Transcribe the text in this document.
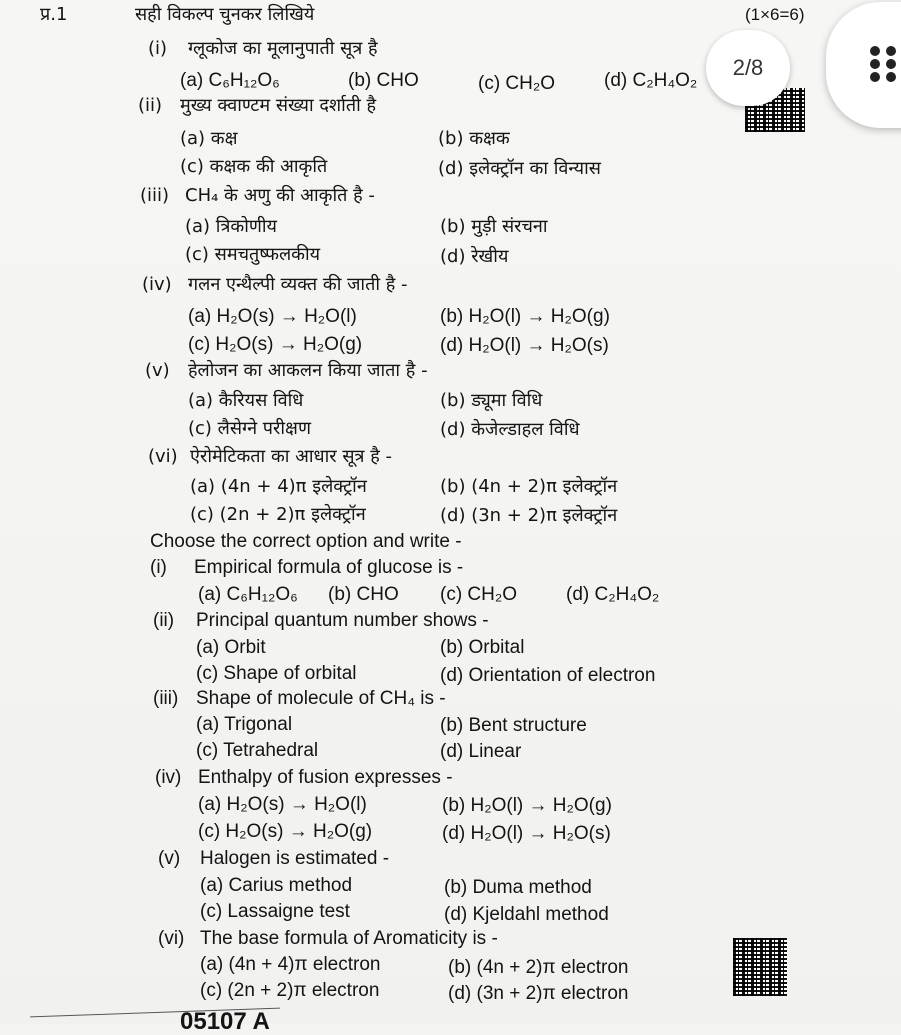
प्र.1	सही विकल्प चुनकर लिखिये	(1×6=6)
(i) ग्लूकोज का मूलानुपाती सूत्र है
(a) C₆H₁₂O₆	(b) CHO	(c) CH₂O	(d) C₂H₄O₂
(ii) मुख्य क्वाण्टम संख्या दर्शाती है
(a) कक्ष	(b) कक्षक
(c) कक्षक की आकृति	(d) इलेक्ट्रॉन का विन्यास
(iii) CH₄ के अणु की आकृति है -
(a) त्रिकोणीय	(b) मुड़ी संरचना
(c) समचतुष्फलकीय	(d) रेखीय
(iv) गलन एन्थैल्पी व्यक्त की जाती है -
(a) H₂O(s) → H₂O(l)	(b) H₂O(l) → H₂O(g)
(c) H₂O(s) → H₂O(g)	(d) H₂O(l) → H₂O(s)
(v) हेलोजन का आकलन किया जाता है -
(a) कैरियस विधि	(b) ड्यूमा विधि
(c) लैसेग्ने परीक्षण	(d) केजेल्डाहल विधि
(vi) ऐरोमेटिकता का आधार सूत्र है -
(a) (4n + 4)π इलेक्ट्रॉन	(b) (4n + 2)π इलेक्ट्रॉन
(c) (2n + 2)π इलेक्ट्रॉन	(d) (3n + 2)π इलेक्ट्रॉन
Choose the correct option and write -
(i) Empirical formula of glucose is -
(a) C₆H₁₂O₆ (b) CHO (c) CH₂O	(d) C₂H₄O₂
(ii) Principal quantum number shows -
(a) Orbit	(b) Orbital
(c) Shape of orbital	(d) Orientation of electron
(iii) Shape of molecule of CH₄ is -
(a) Trigonal	(b) Bent structure
(c) Tetrahedral	(d) Linear
(iv) Enthalpy of fusion expresses -
(a) H₂O(s) → H₂O(l)	(b) H₂O(l) → H₂O(g)
(c) H₂O(s) → H₂O(g)	(d) H₂O(l) → H₂O(s)
(v) Halogen is estimated -
(a) Carius method	(b) Duma method
(c) Lassaigne test	(d) Kjeldahl method
(vi) The base formula of Aromaticity is -
(a) (4n + 4)π electron	(b) (4n + 2)π electron
(c) (2n + 2)π electron	(d) (3n + 2)π electron
05107 A
2/8
